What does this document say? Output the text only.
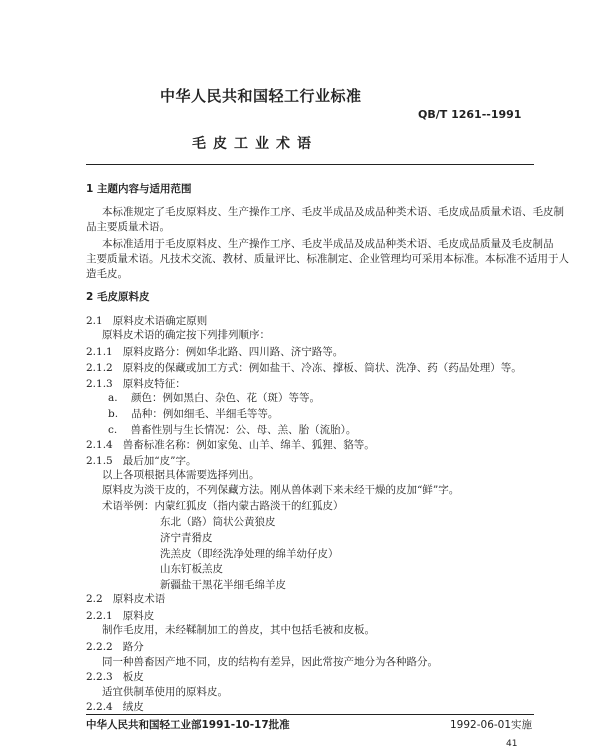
中华人民共和国轻工行业标准
QB/T 1261--1991
毛皮工业术语
1 主题内容与适用范围
本标准规定了毛皮原料皮、生产操作工序、毛皮半成品及成品种类术语、毛皮成品质量术语、毛皮制
品主要质量术语。
本标准适用于毛皮原料皮、生产操作工序、毛皮半成品及成品种类术语、毛皮成品质量及毛皮制品
主要质量术语。凡技术交流、教材、质量评比、标准制定、企业管理均可采用本标准。本标准不适用于人
造毛皮。
2 毛皮原料皮
2.1 原料皮术语确定原则
原料皮术语的确定按下列排列顺序：
2.1.1 原料皮路分：例如华北路、四川路、济宁路等。
2.1.2 原料皮的保藏或加工方式：例如盐干、冷冻、撑板、筒状、洗净、药（药品处理）等。
2.1.3 原料皮特征：
a. 颜色：例如黑白、杂色、花（斑）等等。
b. 品种：例如细毛、半细毛等等。
c. 兽畜性别与生长情况：公、母、羔、胎（流胎）。
2.1.4 兽畜标准名称：例如家兔、山羊、绵羊、狐狸、貉等。
2.1.5 最后加“皮”字。
以上各项根据具体需要选择列出。
原料皮为淡干皮的，不列保藏方法。刚从兽体剥下来未经干燥的皮加“鲜”字。
术语举例：内蒙红狐皮（指内蒙古路淡干的红狐皮）
东北（路）筒状公黄狼皮
济宁青猾皮
洗羔皮（即经洗净处理的绵羊幼仔皮）
山东钉板羔皮
新疆盐干黑花半细毛绵羊皮
2.2 原料皮术语
2.2.1 原料皮
制作毛皮用，未经鞣制加工的兽皮，其中包括毛被和皮板。
2.2.2 路分
同一种兽畜因产地不同，皮的结构有差异，因此常按产地分为各种路分。
2.2.3 板皮
适宜供制革使用的原料皮。
2.2.4 绒皮
中华人民共和国轻工业部1991-10-17批准	1992-06-01实施
41
